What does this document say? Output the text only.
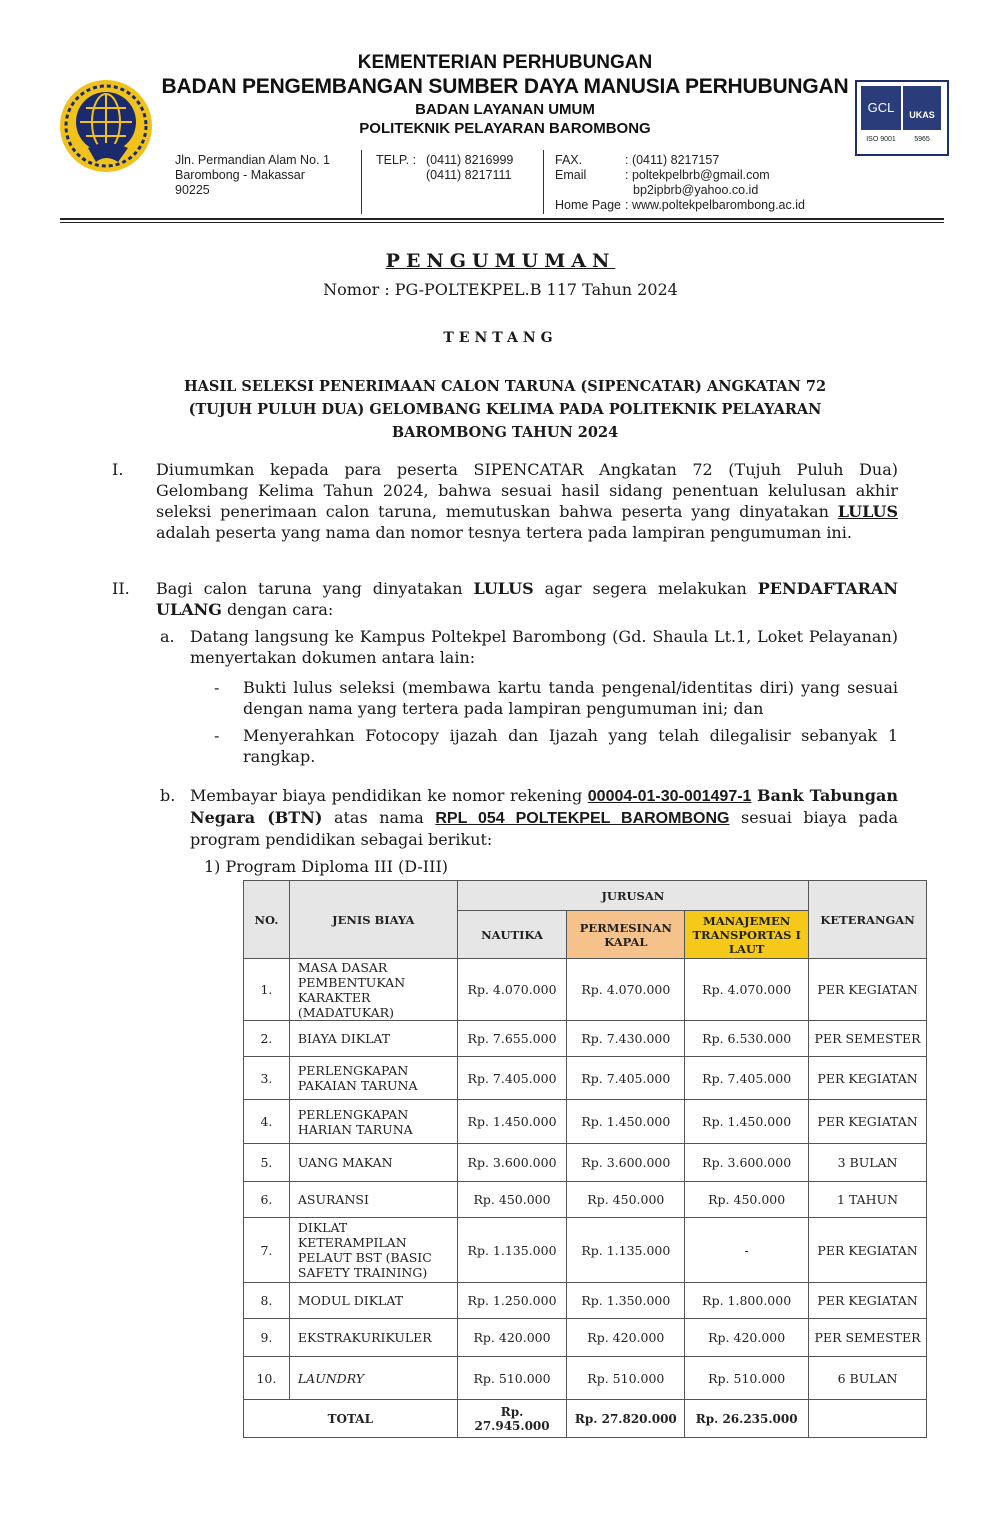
KEMENTERIAN PERHUBUNGAN
BADAN PENGEMBANGAN SUMBER DAYA MANUSIA PERHUBUNGAN
BADAN LAYANAN UMUM
POLITEKNIK PELAYARAN BAROMBONG
GCL	UKAS
ISO 9001	5965
Jln. Permandian Alam No. 1
Barombong - Makassar
90225
TELP. : (0411) 8216999
(0411) 8217111
FAX.	: (0411) 8217157
Email	: poltekpelbrb@gmail.com
bp2ipbrb@yahoo.co.id
Home Page : www.poltekpelbarombong.ac.id
PENGUMUMAN
Nomor : PG-POLTEKPEL.B 117 Tahun 2024
TENTANG
HASIL SELEKSI PENERIMAAN CALON TARUNA (SIPENCATAR) ANGKATAN 72
(TUJUH PULUH DUA) GELOMBANG KELIMA PADA POLITEKNIK PELAYARAN
BAROMBONG TAHUN 2024
I. Diumumkan kepada para peserta SIPENCATAR Angkatan 72 (Tujuh Puluh Dua) Gelombang Kelima Tahun 2024, bahwa sesuai hasil sidang penentuan kelulusan akhir seleksi penerimaan calon taruna, memutuskan bahwa peserta yang dinyatakan LULUS adalah peserta yang nama dan nomor tesnya tertera pada lampiran pengumuman ini.
II. Bagi calon taruna yang dinyatakan LULUS agar segera melakukan PENDAFTARAN ULANG dengan cara:
a. Datang langsung ke Kampus Poltekpel Barombong (Gd. Shaula Lt.1, Loket Pelayanan) menyertakan dokumen antara lain:
- Bukti lulus seleksi (membawa kartu tanda pengenal/identitas diri) yang sesuai dengan nama yang tertera pada lampiran pengumuman ini; dan
- Menyerahkan Fotocopy ijazah dan Ijazah yang telah dilegalisir sebanyak 1 rangkap.
b. Membayar biaya pendidikan ke nomor rekening 00004-01-30-001497-1 Bank Tabungan Negara (BTN) atas nama RPL 054 POLTEKPEL BAROMBONG sesuai biaya pada program pendidikan sebagai berikut:
1) Program Diploma III (D-III)
NO.	JENIS BIAYA	JURUSAN			KETERANGAN
		NAUTIKA	PERMESINAN KAPAL	MANAJEMEN TRANSPORTAS I LAUT	
1.	MASA DASAR PEMBENTUKAN KARAKTER (MADATUKAR)	Rp. 4.070.000	Rp. 4.070.000	Rp. 4.070.000	PER KEGIATAN
2.	BIAYA DIKLAT	Rp. 7.655.000	Rp. 7.430.000	Rp. 6.530.000	PER SEMESTER
3.	PERLENGKAPAN PAKAIAN TARUNA	Rp. 7.405.000	Rp. 7.405.000	Rp. 7.405.000	PER KEGIATAN
4.	PERLENGKAPAN HARIAN TARUNA	Rp. 1.450.000	Rp. 1.450.000	Rp. 1.450.000	PER KEGIATAN
5.	UANG MAKAN	Rp. 3.600.000	Rp. 3.600.000	Rp. 3.600.000	3 BULAN
6.	ASURANSI	Rp. 450.000	Rp. 450.000	Rp. 450.000	1 TAHUN
7.	DIKLAT KETERAMPILAN PELAUT BST (BASIC SAFETY TRAINING)	Rp. 1.135.000	Rp. 1.135.000	-	PER KEGIATAN
8.	MODUL DIKLAT	Rp. 1.250.000	Rp. 1.350.000	Rp. 1.800.000	PER KEGIATAN
9.	EKSTRAKURIKULER	Rp. 420.000	Rp. 420.000	Rp. 420.000	PER SEMESTER
10.	LAUNDRY	Rp. 510.000	Rp. 510.000	Rp. 510.000	6 BULAN
TOTAL		Rp. 27.945.000	Rp. 27.820.000	Rp. 26.235.000	
